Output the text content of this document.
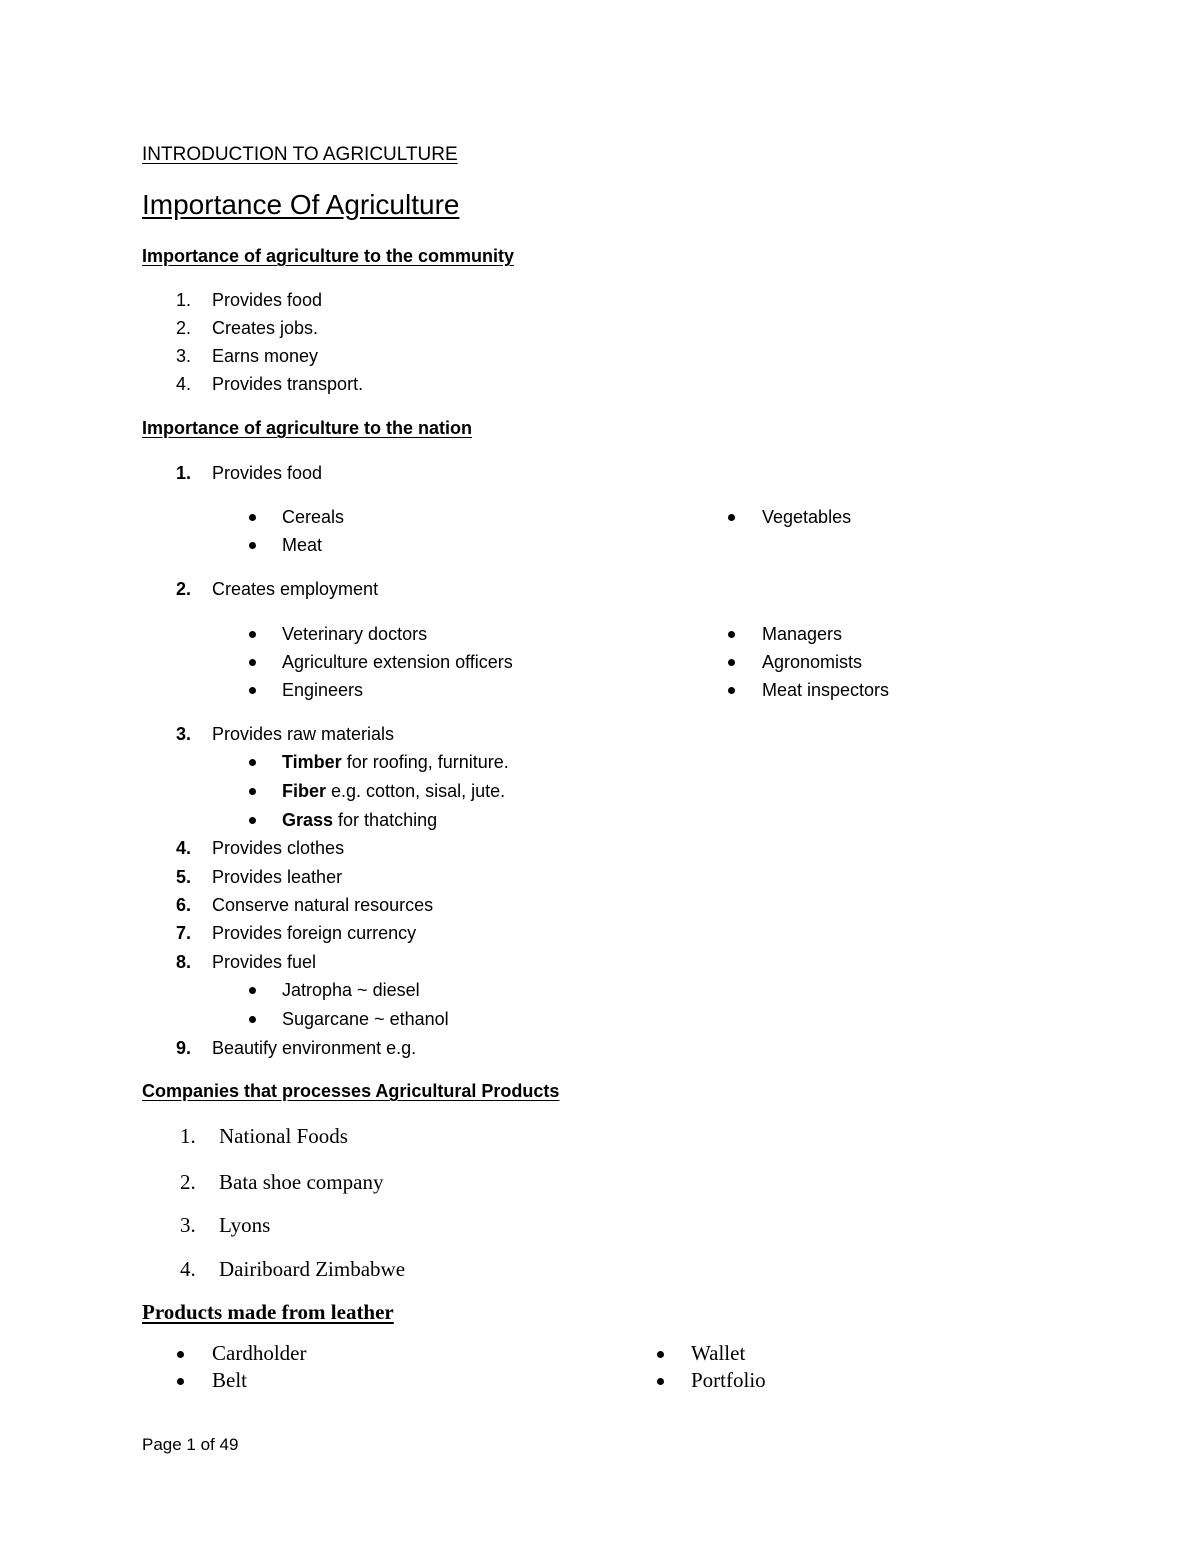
INTRODUCTION TO AGRICULTURE
Importance Of Agriculture
Importance of agriculture to the community
1. Provides food
2. Creates jobs.
3. Earns money
4. Provides transport.
Importance of agriculture to the nation
1. Provides food
Cereals
Meat
Vegetables
2. Creates employment
Veterinary doctors
Agriculture extension officers
Engineers
Managers
Agronomists
Meat inspectors
3. Provides raw materials
Timber for roofing, furniture.
Fiber e.g. cotton, sisal, jute.
Grass for thatching
4. Provides clothes
5. Provides leather
6. Conserve natural resources
7. Provides foreign currency
8. Provides fuel
Jatropha ~ diesel
Sugarcane ~ ethanol
9. Beautify environment e.g.
Companies that processes Agricultural Products
1. National Foods
2. Bata shoe company
3. Lyons
4. Dairiboard Zimbabwe
Products made from leather
Cardholder
Belt
Wallet
Portfolio
Page 1 of 49
